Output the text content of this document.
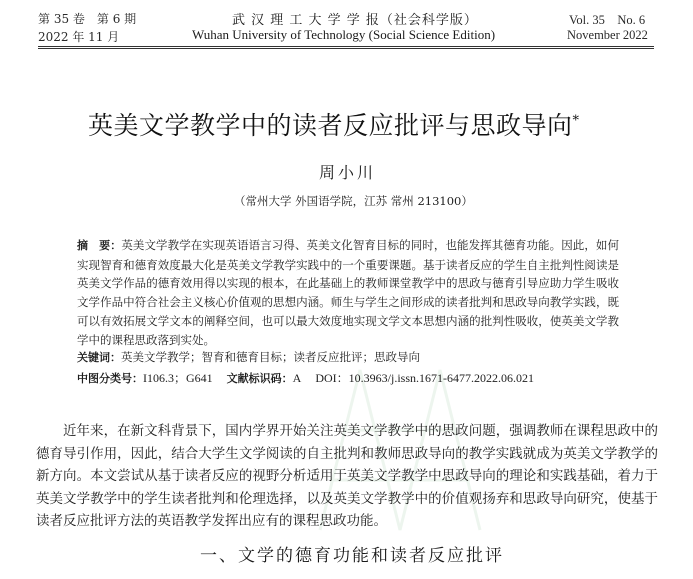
第 35 卷　第 6 期
2022 年 11 月
武 汉 理 工 大 学 学 报（社会科学版）
Wuhan University of Technology (Social Science Edition)
Vol. 35　No. 6
November 2022
英美文学教学中的读者反应批评与思政导向*
周小川
（常州大学 外国语学院，江苏 常州 213100）
摘　要：英美文学教学在实现英语语言习得、英美文化智育目标的同时，也能发挥其德育功能。因此，如何实现智育和德育效度最大化是英美文学教学实践中的一个重要课题。基于读者反应的学生自主批判性阅读是英美文学作品的德育效用得以实现的根本，在此基础上的教师课堂教学中的思政与德育引导应助力学生吸收文学作品中符合社会主义核心价值观的思想内涵。师生与学生之间形成的读者批判和思政导向教学实践，既可以有效拓展文学文本的阐释空间，也可以最大效度地实现文学文本思想内涵的批判性吸收，使英美文学教学中的课程思政落到实处。
关键词：英美文学教学；智育和德育目标；读者反应批评；思政导向
中图分类号：I106.3；G641 文献标识码：A DOI：10.3963/j.issn.1671-6477.2022.06.021
近年来，在新文科背景下，国内学界开始关注英美文学教学中的思政问题，强调教师在课程思政中的德育导引作用，因此，结合大学生文学阅读的自主批判和教师思政导向的教学实践就成为英美文学教学的新方向。本文尝试从基于读者反应的视野分析适用于英美文学教学中思政导向的理论和实践基础，着力于英美文学教学中的学生读者批判和伦理选择，以及英美文学教学中的价值观扬弃和思政导向研究，使基于读者反应批评方法的英语教学发挥出应有的课程思政功能。
一、文学的德育功能和读者反应批评
